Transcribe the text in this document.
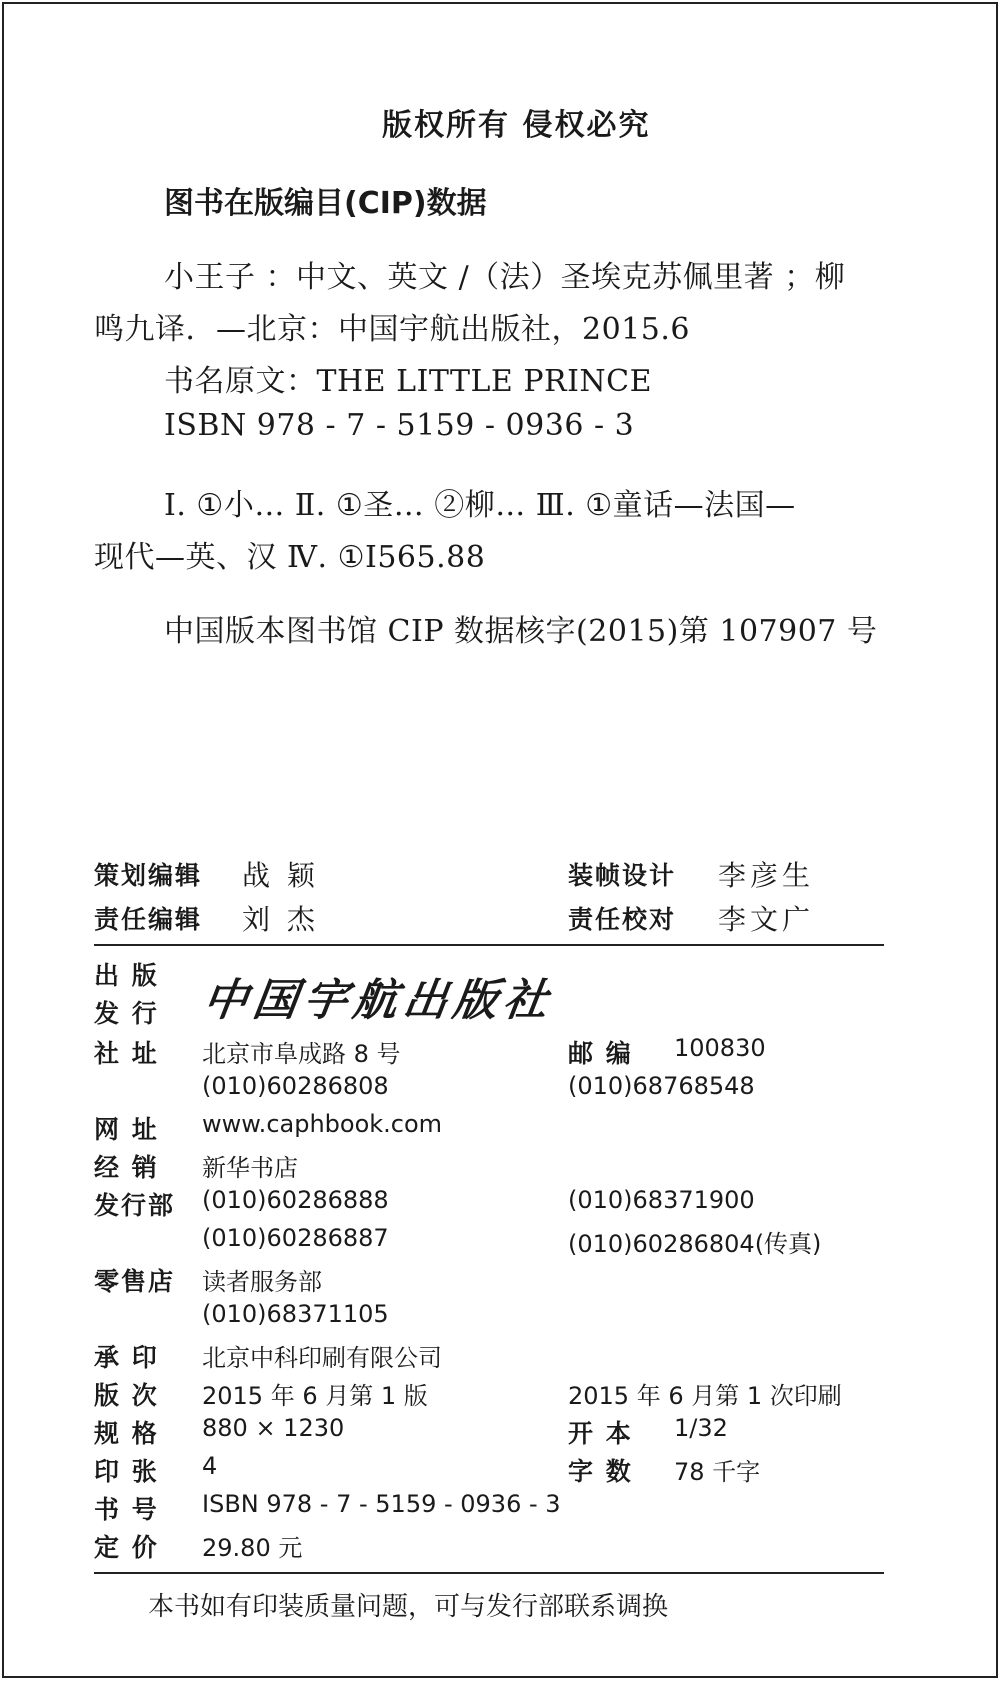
版权所有 侵权必究
图书在版编目(CIP)数据
小王子 ：中文、英文 /（法）圣埃克苏佩里著 ；柳
鸣九译．—北京：中国宇航出版社，2015.6
书名原文：THE LITTLE PRINCE
ISBN 978 - 7 - 5159 - 0936 - 3
Ⅰ. ①小… Ⅱ. ①圣… ②柳… Ⅲ. ①童话—法国—
现代—英、汉 Ⅳ. ①I565.88
中国版本图书馆 CIP 数据核字(2015)第 107907 号
策划编辑 战 颖	装帧设计 李彦生
责任编辑 刘 杰	责任校对 李文广
出 版
发 行 中国宇航出版社
社 址 北京市阜成路 8 号	邮 编 100830
(010)60286808	(010)68768548
网 址 www.caphbook.com
经 销 新华书店
发行部 (010)60286888	(010)68371900
(010)60286887	(010)60286804(传真)
零售店 读者服务部
(010)68371105
承 印 北京中科印刷有限公司
版 次 2015 年 6 月第 1 版	2015 年 6 月第 1 次印刷
规 格 880 × 1230	开 本 1/32
印 张 4	字 数 78 千字
书 号 ISBN 978 - 7 - 5159 - 0936 - 3
定 价 29.80 元
本书如有印装质量问题，可与发行部联系调换
